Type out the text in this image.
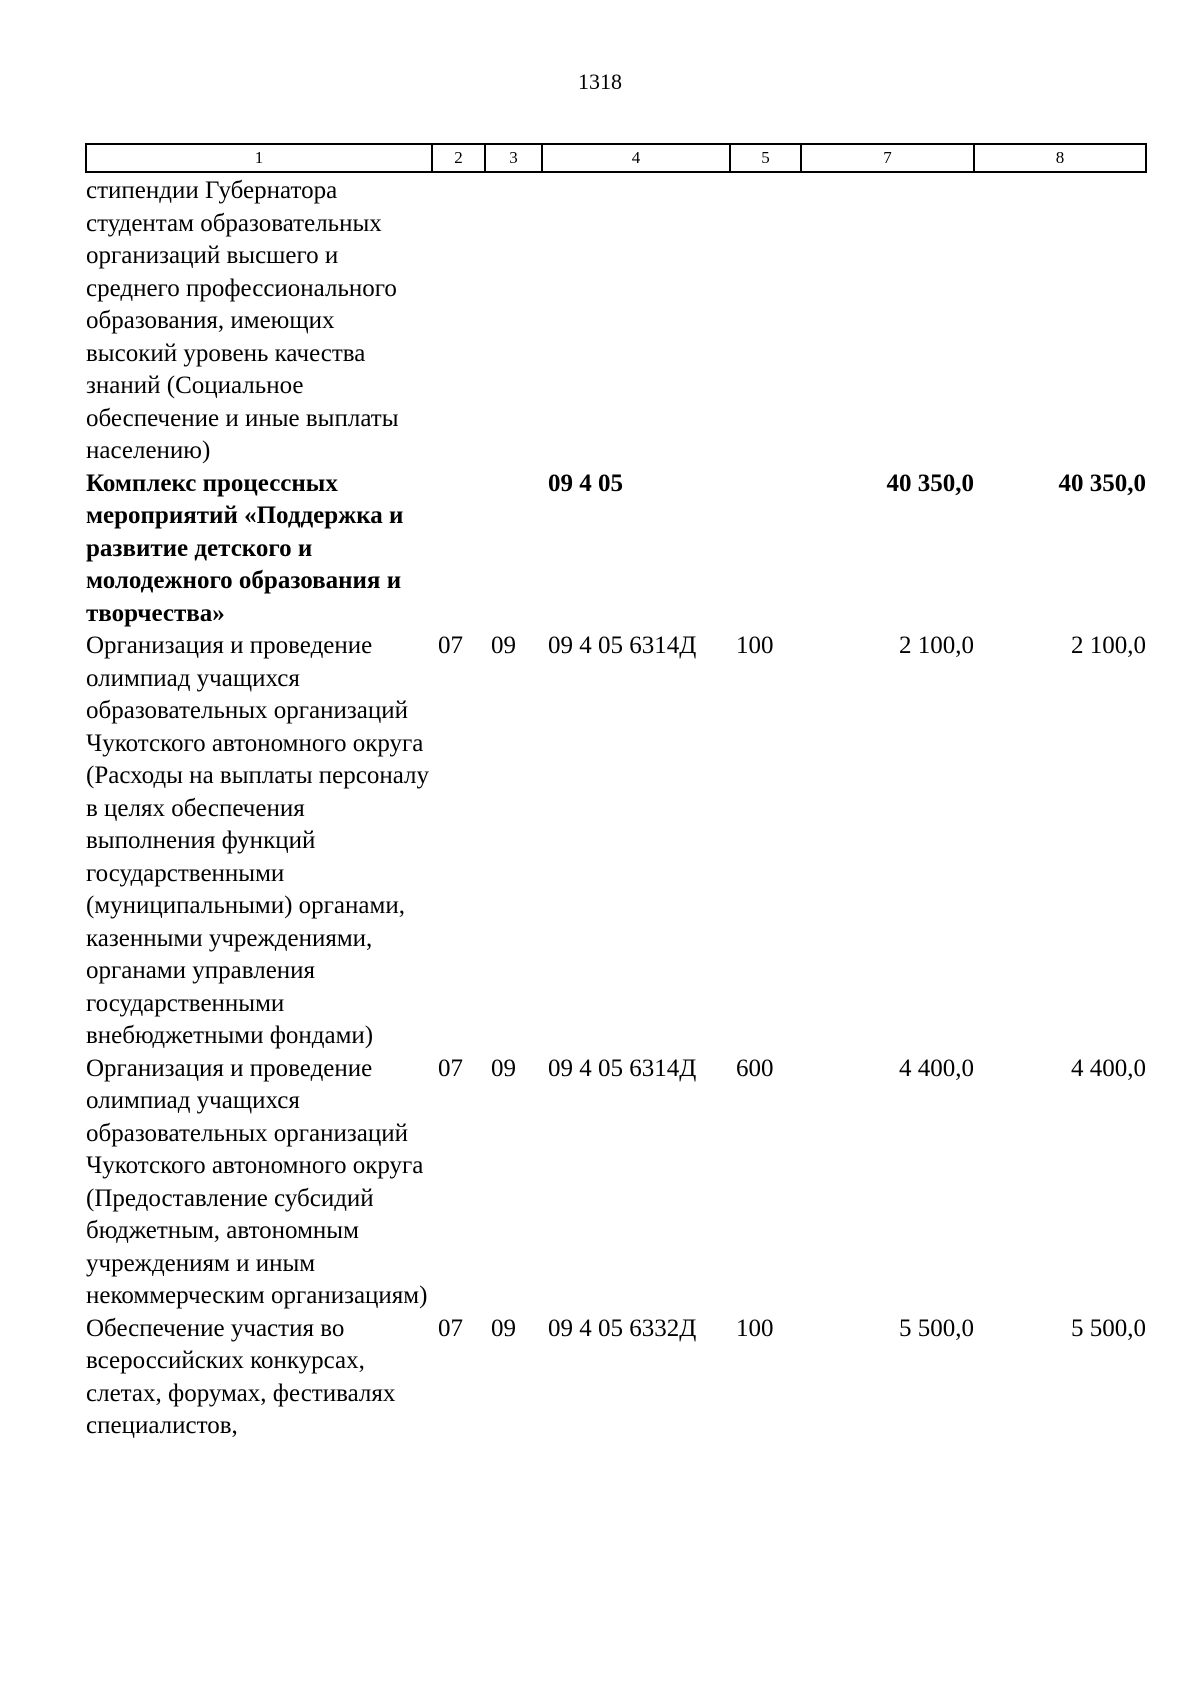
1318
1	2	3	4	5	7	8
стипендии Губернатора студентам образовательных организаций высшего и среднего профессионального образования, имеющих высокий уровень качества знаний (Социальное обеспечение и иные выплаты населению)						
Комплекс процессных мероприятий «Поддержка и развитие детского и молодежного образования и творчества»			09 4 05		40 350,0	40 350,0
Организация и проведение олимпиад учащихся образовательных организаций Чукотского автономного округа (Расходы на выплаты персоналу в целях обеспечения выполнения функций государственными (муниципальными) органами, казенными учреждениями, органами управления государственными внебюджетными фондами)	07	09	09 4 05 6314Д	100	2 100,0	2 100,0
Организация и проведение олимпиад учащихся образовательных организаций Чукотского автономного округа (Предоставление субсидий бюджетным, автономным учреждениям и иным некоммерческим организациям)	07	09	09 4 05 6314Д	600	4 400,0	4 400,0
Обеспечение участия во всероссийских конкурсах, слетах, форумах, фестивалях специалистов,	07	09	09 4 05 6332Д	100	5 500,0	5 500,0
